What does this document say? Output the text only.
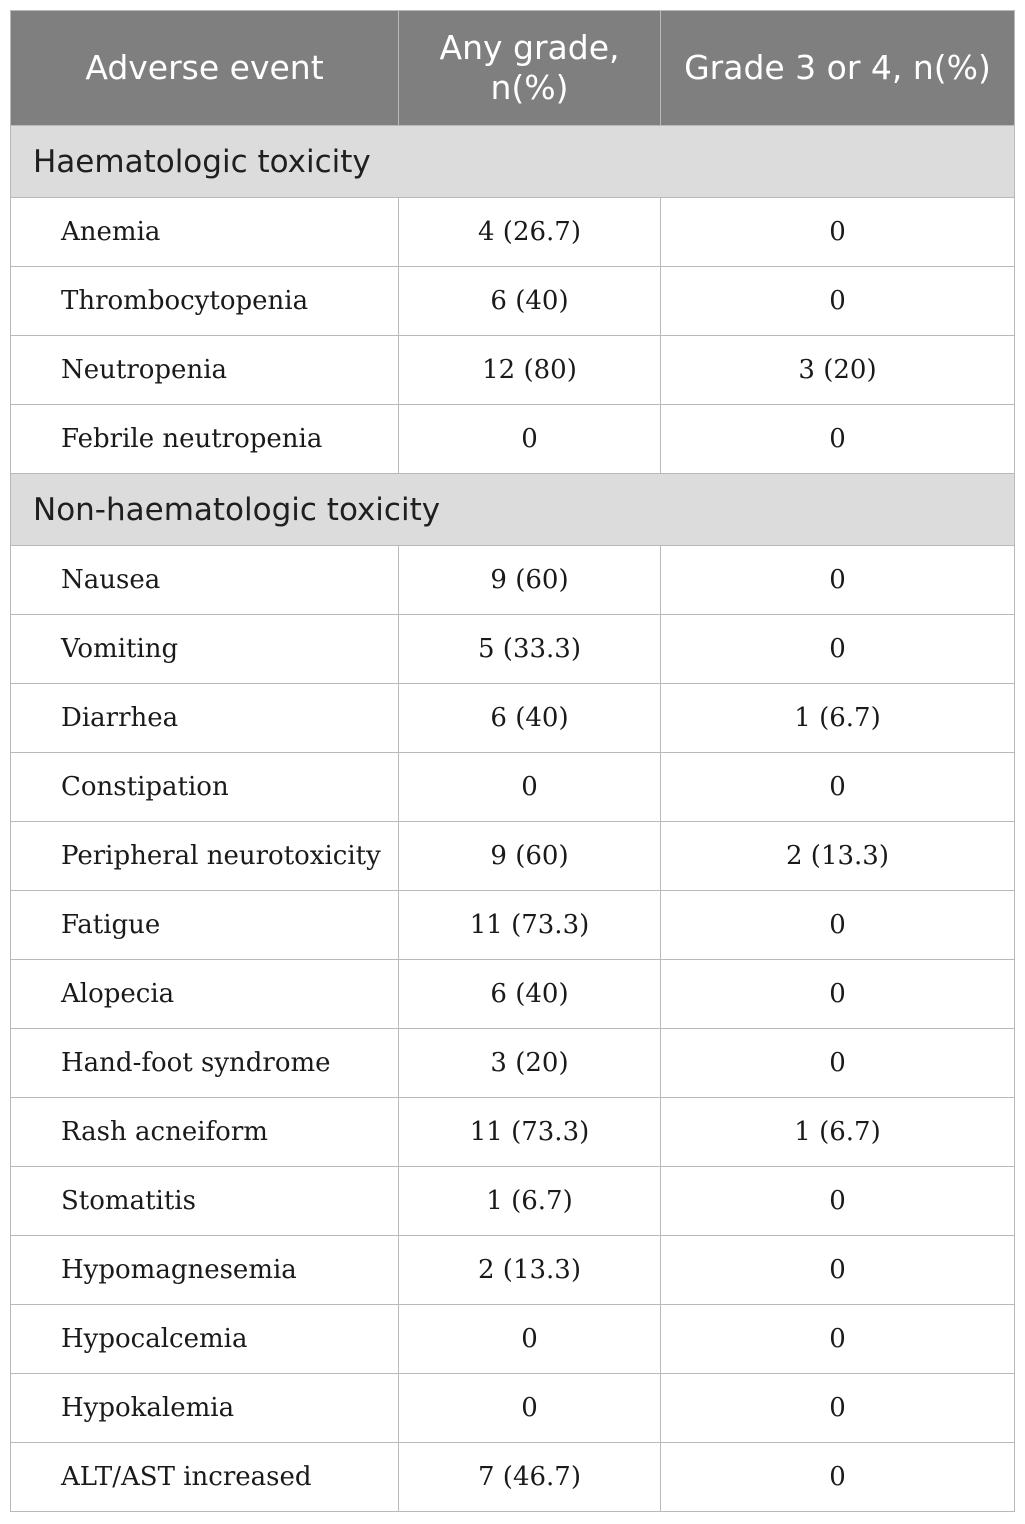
Adverse event	Any grade, n(%)	Grade 3 or 4, n(%)
Haematologic toxicity		
Anemia	4 (26.7)	0
Thrombocytopenia	6 (40)	0
Neutropenia	12 (80)	3 (20)
Febrile neutropenia	0	0
Non-haematologic toxicity		
Nausea	9 (60)	0
Vomiting	5 (33.3)	0
Diarrhea	6 (40)	1 (6.7)
Constipation	0	0
Peripheral neurotoxicity	9 (60)	2 (13.3)
Fatigue	11 (73.3)	0
Alopecia	6 (40)	0
Hand-foot syndrome	3 (20)	0
Rash acneiform	11 (73.3)	1 (6.7)
Stomatitis	1 (6.7)	0
Hypomagnesemia	2 (13.3)	0
Hypocalcemia	0	0
Hypokalemia	0	0
ALT/AST increased	7 (46.7)	0
